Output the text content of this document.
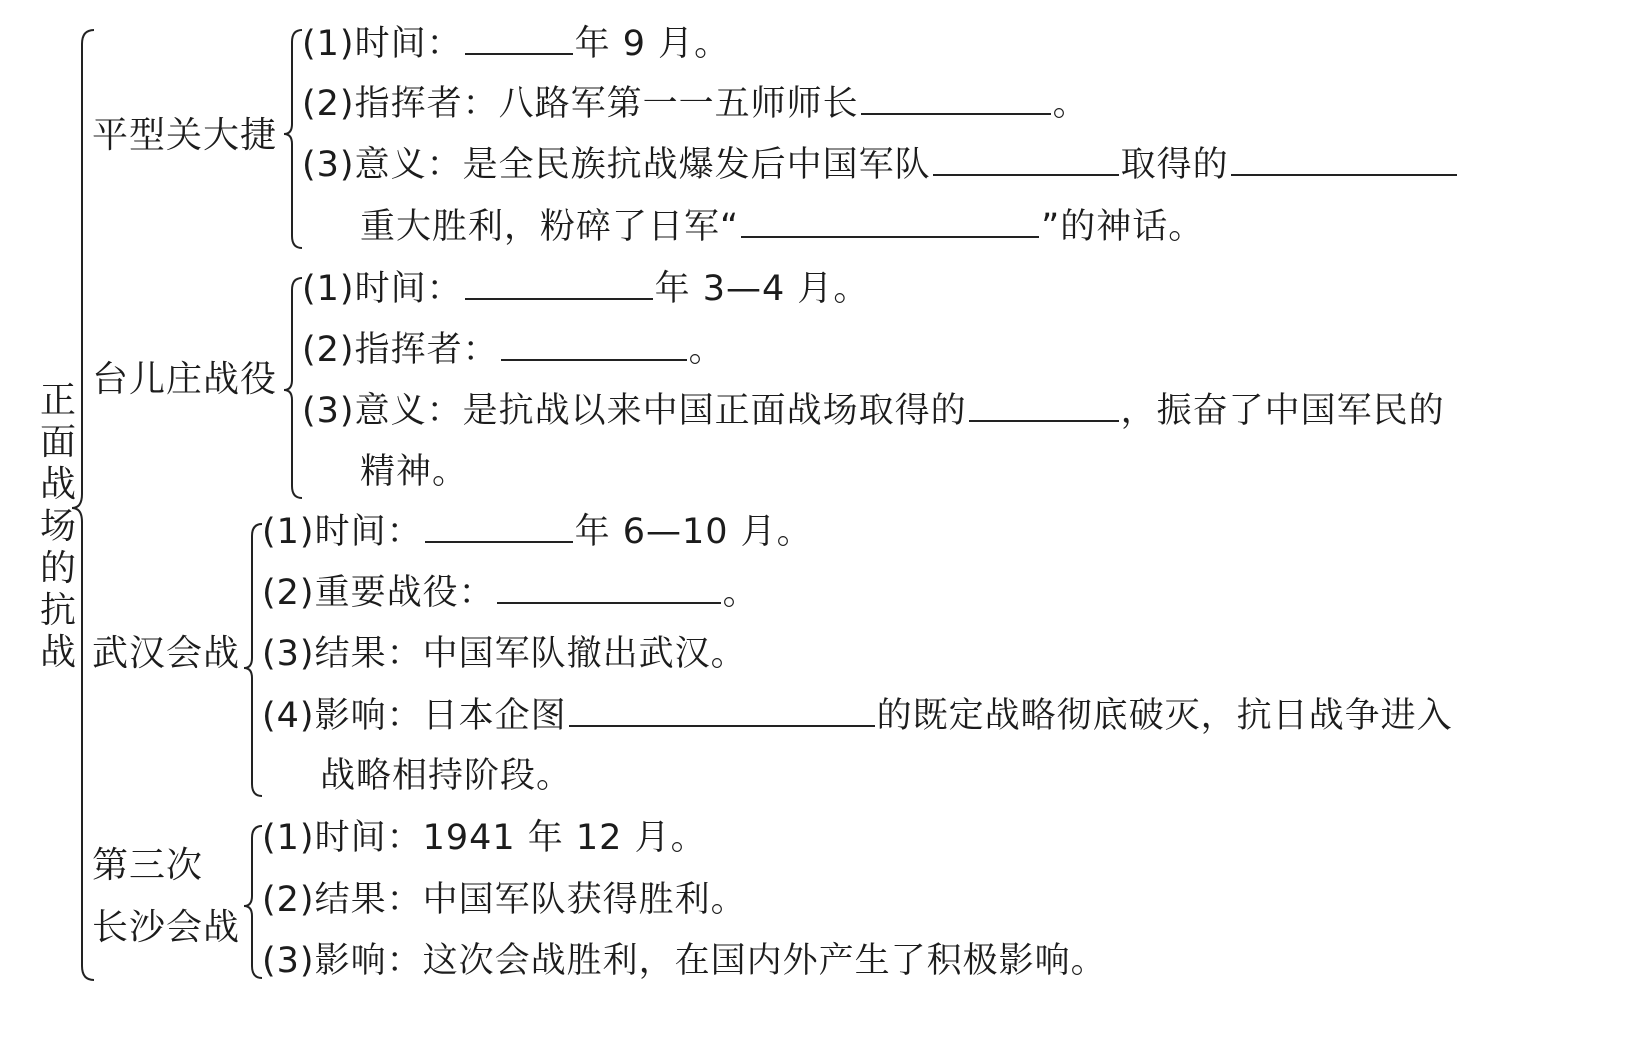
正面战场的抗战
平型关大捷
(1)时间：	年 9 月。
(2)指挥者：八路军第一一五师师长	。
(3)意义：是全民族抗战爆发后中国军队	取得的
重大胜利，粉碎了日军“	”的神话。
台儿庄战役
(1)时间：	年 3—4 月。
(2)指挥者：	。
(3)意义：是抗战以来中国正面战场取得的	，振奋了中国军民的
精神。
武汉会战
(1)时间：	年 6—10 月。
(2)重要战役：	。
(3)结果：中国军队撤出武汉。
(4)影响：日本企图	的既定战略彻底破灭，抗日战争进入
战略相持阶段。
第三次
长沙会战
(1)时间：1941 年 12 月。
(2)结果：中国军队获得胜利。
(3)影响：这次会战胜利，在国内外产生了积极影响。
